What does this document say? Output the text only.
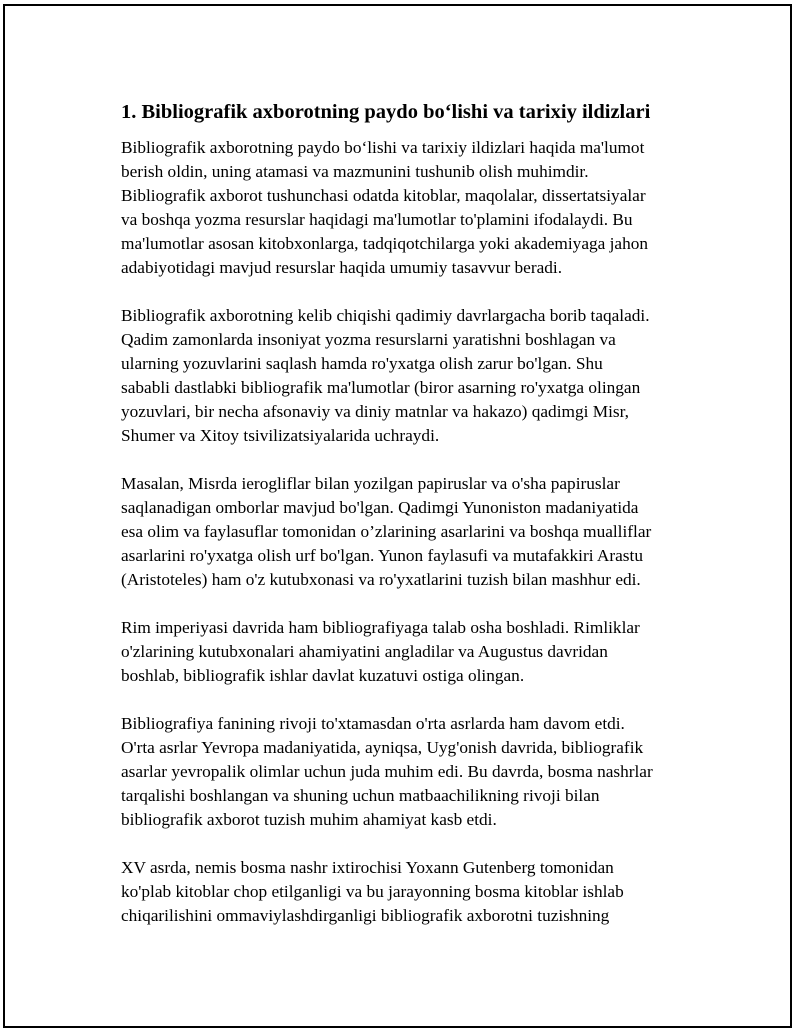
1. Bibliografik axborotning paydo bo‘lishi va tarixiy ildizlari
Bibliografik axborotning paydo bo‘lishi va tarixiy ildizlari haqida ma'lumot
berish oldin, uning atamasi va mazmunini tushunib olish muhimdir.
Bibliografik axborot tushunchasi odatda kitoblar, maqolalar, dissertatsiyalar
va boshqa yozma resurslar haqidagi ma'lumotlar to'plamini ifodalaydi. Bu
ma'lumotlar asosan kitobxonlarga, tadqiqotchilarga yoki akademiyaga jahon
adabiyotidagi mavjud resurslar haqida umumiy tasavvur beradi.
Bibliografik axborotning kelib chiqishi qadimiy davrlargacha borib taqaladi.
Qadim zamonlarda insoniyat yozma resurslarni yaratishni boshlagan va
ularning yozuvlarini saqlash hamda ro'yxatga olish zarur bo'lgan. Shu
sababli dastlabki bibliografik ma'lumotlar (biror asarning ro'yxatga olingan
yozuvlari, bir necha afsonaviy va diniy matnlar va hakazo) qadimgi Misr,
Shumer va Xitoy tsivilizatsiyalarida uchraydi.
Masalan, Misrda ierogliflar bilan yozilgan papiruslar va o'sha papiruslar
saqlanadigan omborlar mavjud bo'lgan. Qadimgi Yunoniston madaniyatida
esa olim va faylasuflar tomonidan o’zlarining asarlarini va boshqa mualliflar
asarlarini ro'yxatga olish urf bo'lgan. Yunon faylasufi va mutafakkiri Arastu
(Aristoteles) ham o'z kutubxonasi va ro'yxatlarini tuzish bilan mashhur edi.
Rim imperiyasi davrida ham bibliografiyaga talab osha boshladi. Rimliklar
o'zlarining kutubxonalari ahamiyatini angladilar va Augustus davridan
boshlab, bibliografik ishlar davlat kuzatuvi ostiga olingan.
Bibliografiya fanining rivoji to'xtamasdan o'rta asrlarda ham davom etdi.
O'rta asrlar Yevropa madaniyatida, ayniqsa, Uyg'onish davrida, bibliografik
asarlar yevropalik olimlar uchun juda muhim edi. Bu davrda, bosma nashrlar
tarqalishi boshlangan va shuning uchun matbaachilikning rivoji bilan
bibliografik axborot tuzish muhim ahamiyat kasb etdi.
XV asrda, nemis bosma nashr ixtirochisi Yoxann Gutenberg tomonidan
ko'plab kitoblar chop etilganligi va bu jarayonning bosma kitoblar ishlab
chiqarilishini ommaviylashdirganligi bibliografik axborotni tuzishning
